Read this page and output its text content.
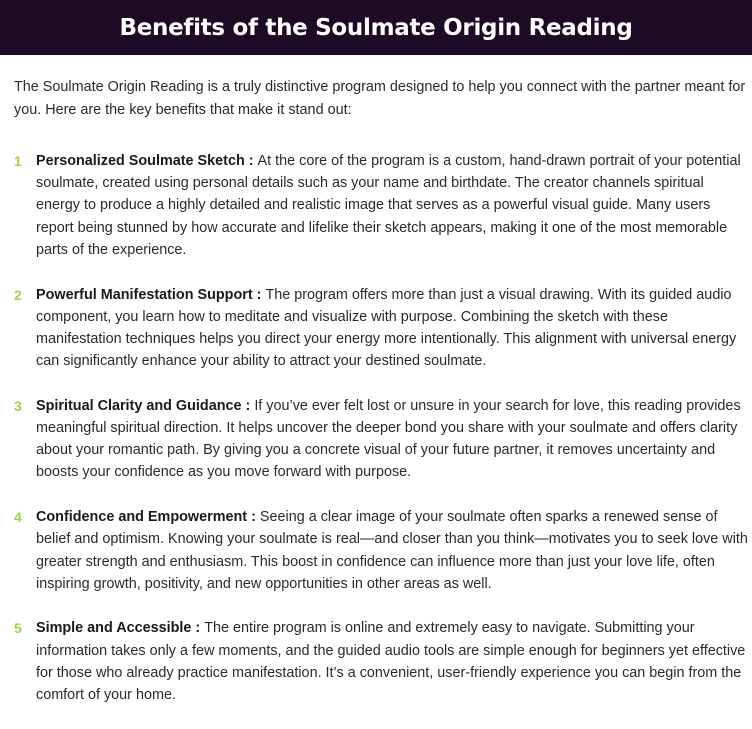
Benefits of the Soulmate Origin Reading

The Soulmate Origin Reading is a truly distinctive program designed to help you connect with the partner meant for you. Here are the key benefits that make it stand out:

1 Personalized Soulmate Sketch : At the core of the program is a custom, hand-drawn portrait of your potential soulmate, created using personal details such as your name and birthdate. The creator channels spiritual energy to produce a highly detailed and realistic image that serves as a powerful visual guide. Many users report being stunned by how accurate and lifelike their sketch appears, making it one of the most memorable parts of the experience.
2 Powerful Manifestation Support : The program offers more than just a visual drawing. With its guided audio component, you learn how to meditate and visualize with purpose. Combining the sketch with these manifestation techniques helps you direct your energy more intentionally. This alignment with universal energy can significantly enhance your ability to attract your destined soulmate.
3 Spiritual Clarity and Guidance : If you’ve ever felt lost or unsure in your search for love, this reading provides meaningful spiritual direction. It helps uncover the deeper bond you share with your soulmate and offers clarity about your romantic path. By giving you a concrete visual of your future partner, it removes uncertainty and boosts your confidence as you move forward with purpose.
4 Confidence and Empowerment : Seeing a clear image of your soulmate often sparks a renewed sense of belief and optimism. Knowing your soulmate is real—and closer than you think—motivates you to seek love with greater strength and enthusiasm. This boost in confidence can influence more than just your love life, often inspiring growth, positivity, and new opportunities in other areas as well.
5 Simple and Accessible : The entire program is online and extremely easy to navigate. Submitting your information takes only a few moments, and the guided audio tools are simple enough for beginners yet effective for those who already practice manifestation. It’s a convenient, user-friendly experience you can begin from the comfort of your home.
